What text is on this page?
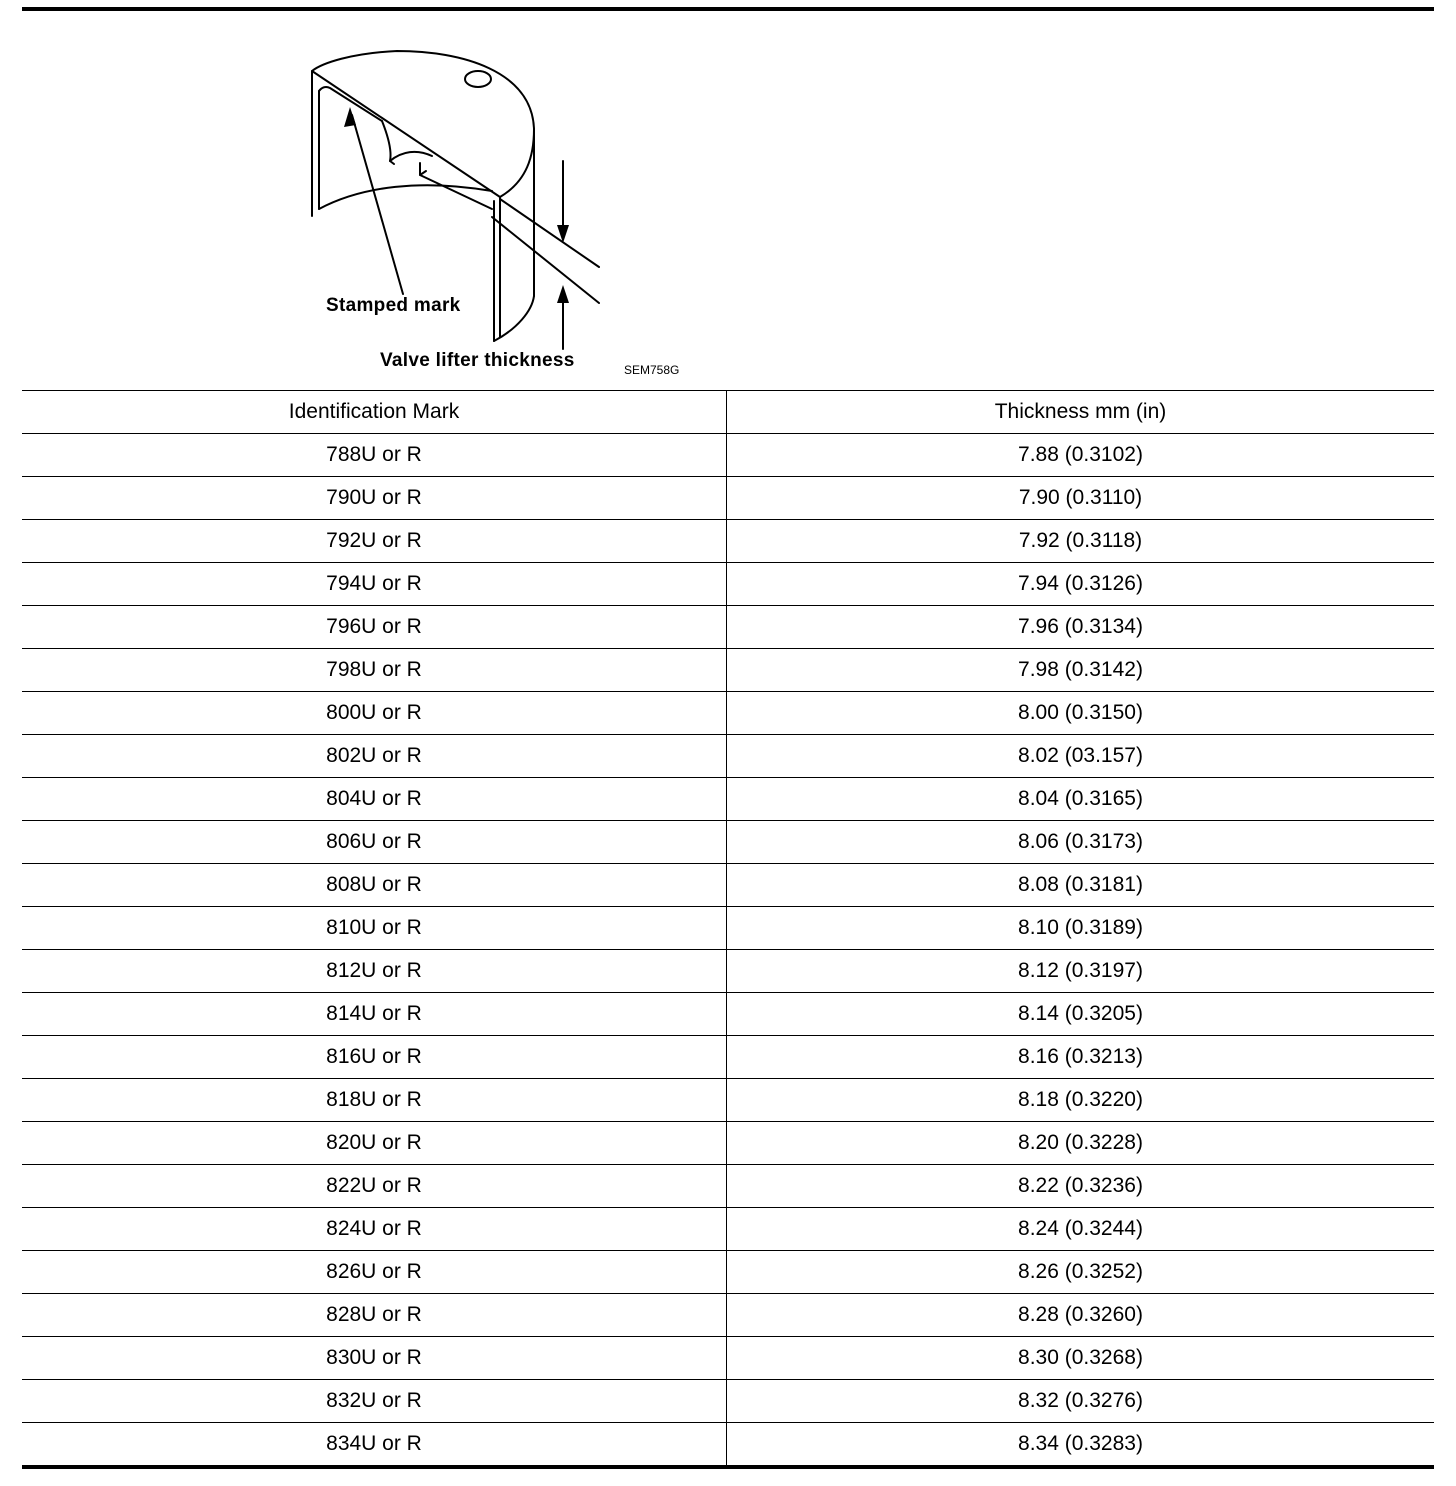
Stamped mark
Valve lifter thickness	SEM758G
Identification Mark	Thickness mm (in)
788U or R	7.88 (0.3102)
790U or R	7.90 (0.3110)
792U or R	7.92 (0.3118)
794U or R	7.94 (0.3126)
796U or R	7.96 (0.3134)
798U or R	7.98 (0.3142)
800U or R	8.00 (0.3150)
802U or R	8.02 (03.157)
804U or R	8.04 (0.3165)
806U or R	8.06 (0.3173)
808U or R	8.08 (0.3181)
810U or R	8.10 (0.3189)
812U or R	8.12 (0.3197)
814U or R	8.14 (0.3205)
816U or R	8.16 (0.3213)
818U or R	8.18 (0.3220)
820U or R	8.20 (0.3228)
822U or R	8.22 (0.3236)
824U or R	8.24 (0.3244)
826U or R	8.26 (0.3252)
828U or R	8.28 (0.3260)
830U or R	8.30 (0.3268)
832U or R	8.32 (0.3276)
834U or R	8.34 (0.3283)
